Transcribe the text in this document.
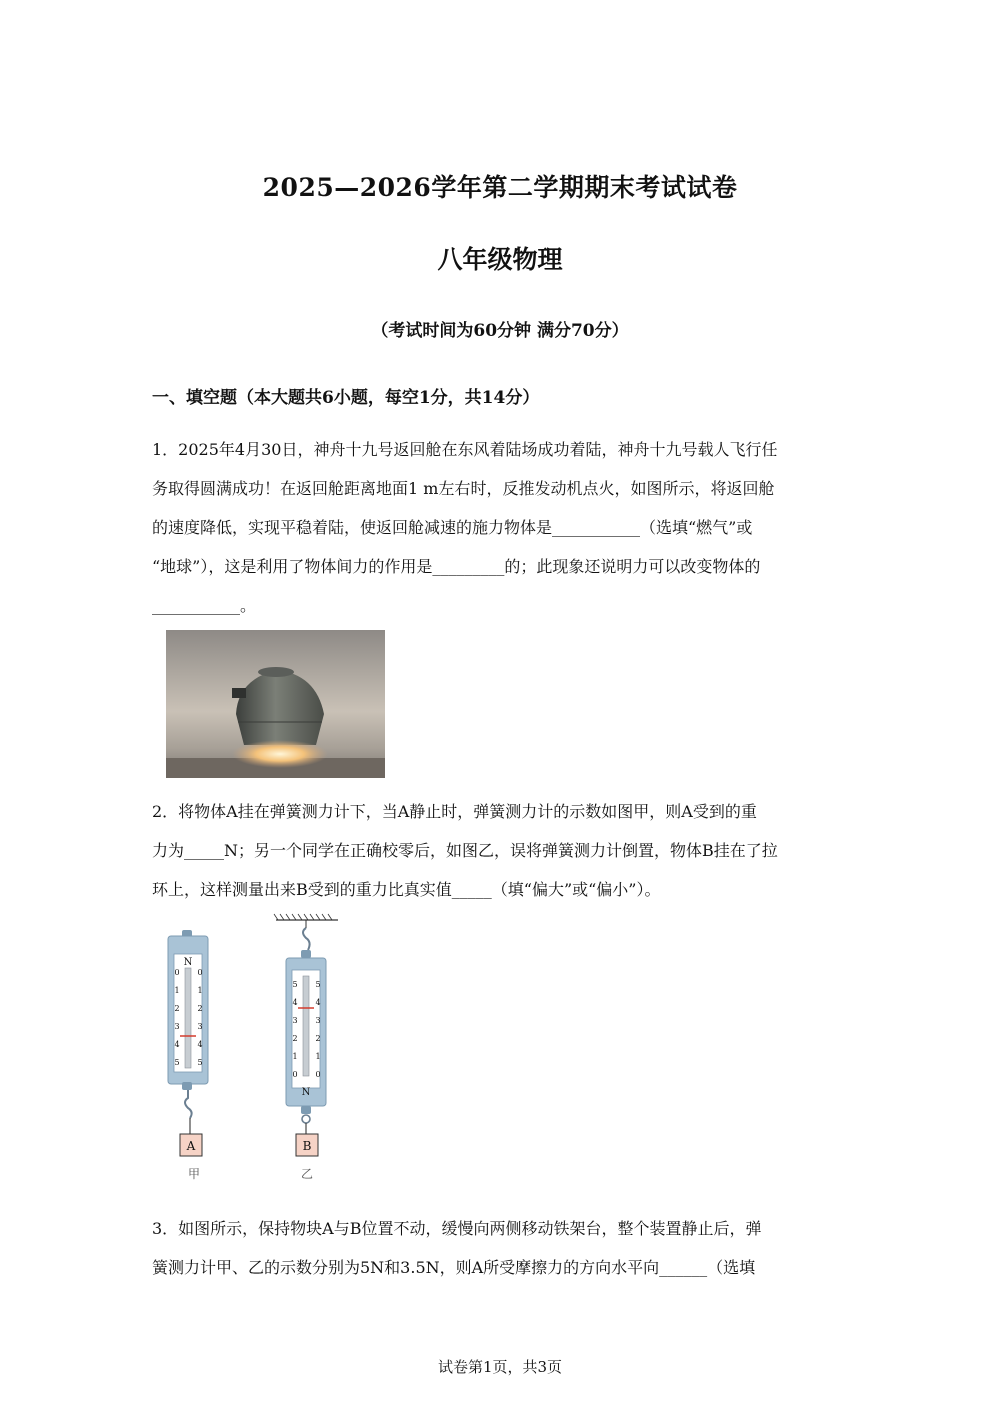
2025—2026学年第二学期期末考试试卷
八年级物理
（考试时间为60分钟 满分70分）
一、填空题（本大题共6小题，每空1分，共14分）

1．2025年4月30日，神舟十九号返回舱在东风着陆场成功着陆，神舟十九号载人飞行任

务取得圆满成功！在返回舱距离地面1 m左右时，反推发动机点火，如图所示，将返回舱

的速度降低，实现平稳着陆，使返回舱减速的施力物体是___________（选填“燃气”或

“地球”），这是利用了物体间力的作用是_________的；此现象还说明力可以改变物体的

___________。

2．将物体A挂在弹簧测力计下，当A静止时，弹簧测力计的示数如图甲，则A受到的重

力为_____N；另一个同学在正确校零后，如图乙，误将弹簧测力计倒置，物体B挂在了拉

环上，这样测量出来B受到的重力比真实值_____（填“偏大”或“偏小”）。

N
0
1
2
3
4
5
0
1
2
3
4
5
A
甲
5
4
3
2
1
0
5
4
3
2
1
0
N
B
乙

3．如图所示，保持物块A与B位置不动，缓慢向两侧移动铁架台，整个装置静止后，弹

簧测力计甲、乙的示数分别为5N和3.5N，则A所受摩擦力的方向水平向______（选填

试卷第1页，共3页
